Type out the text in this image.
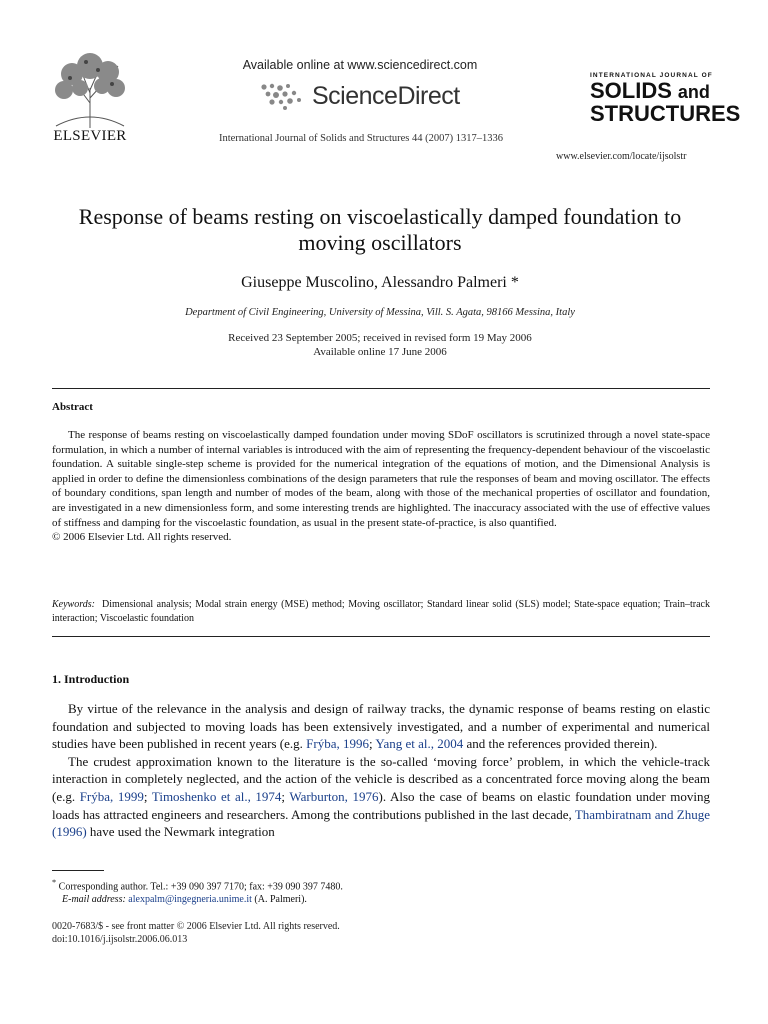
ELSEVIER
Available online at www.sciencedirect.com
ScienceDirect
International Journal of Solids and Structures 44 (2007) 1317–1336
INTERNATIONAL JOURNAL OF
SOLIDS and
STRUCTURES
www.elsevier.com/locate/ijsolstr
Response of beams resting on viscoelastically damped foundation to moving oscillators
Giuseppe Muscolino, Alessandro Palmeri *
Department of Civil Engineering, University of Messina, Vill. S. Agata, 98166 Messina, Italy
Received 23 September 2005; received in revised form 19 May 2006
Available online 17 June 2006
Abstract

The response of beams resting on viscoelastically damped foundation under moving SDoF oscillators is scrutinized through a novel state-space formulation, in which a number of internal variables is introduced with the aim of representing the frequency-dependent behaviour of the viscoelastic foundation. A suitable single-step scheme is provided for the numerical integration of the equations of motion, and the Dimensional Analysis is applied in order to define the dimensionless combinations of the design parameters that rule the responses of beam and moving oscillator. The effects of boundary conditions, span length and number of modes of the beam, along with those of the mechanical properties of oscillator and foundation, are investigated in a new dimensionless form, and some interesting trends are highlighted. The inaccuracy associated with the use of effective values of stiffness and damping for the viscoelastic foundation, as usual in the present state-of-practice, is also quantified.

© 2006 Elsevier Ltd. All rights reserved.

Keywords: Dimensional analysis; Modal strain energy (MSE) method; Moving oscillator; Standard linear solid (SLS) model; State-space equation; Train–track interaction; Viscoelastic foundation
1. Introduction

By virtue of the relevance in the analysis and design of railway tracks, the dynamic response of beams resting on elastic foundation and subjected to moving loads has been extensively investigated, and a number of experimental and numerical studies have been published in recent years (e.g. Frýba, 1996; Yang et al., 2004 and the references provided therein).

The crudest approximation known to the literature is the so-called ‘moving force’ problem, in which the vehicle-track interaction in completely neglected, and the action of the vehicle is described as a concentrated force moving along the beam (e.g. Frýba, 1999; Timoshenko et al., 1974; Warburton, 1976). Also the case of beams on elastic foundation under moving loads has attracted engineers and researchers. Among the contributions published in the last decade, Thambiratnam and Zhuge (1996) have used the Newmark integration

* Corresponding author. Tel.: +39 090 397 7170; fax: +39 090 397 7480.
E-mail address: alexpalm@ingegneria.unime.it (A. Palmeri).
0020-7683/$ - see front matter © 2006 Elsevier Ltd. All rights reserved.
doi:10.1016/j.ijsolstr.2006.06.013
